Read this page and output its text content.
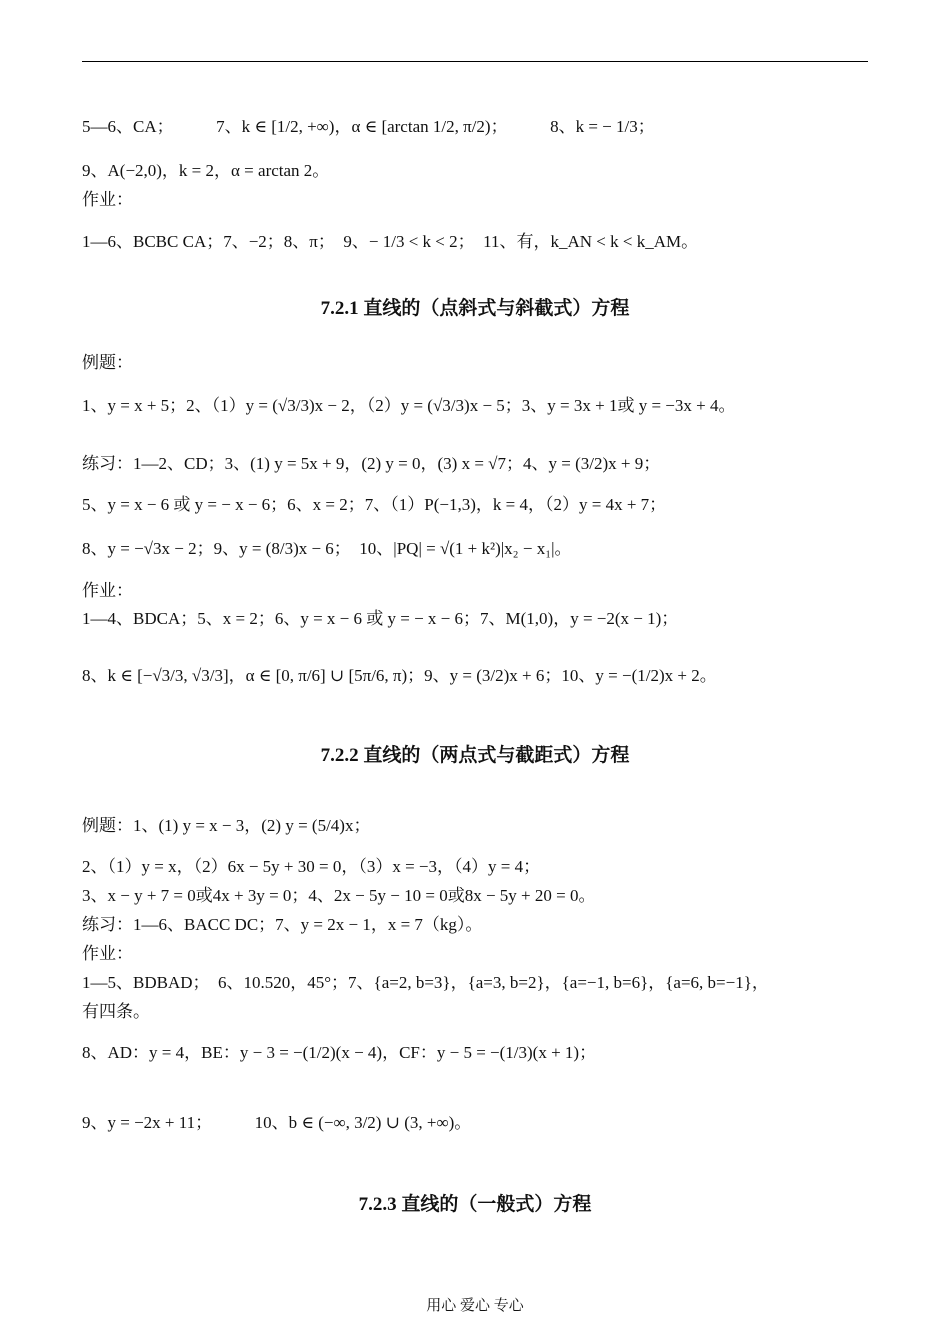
5—6、CA；　　　7、k ∈ [1/2, +∞)，α ∈ [arctan 1/2, π/2)；　　　8、k = − 1/3；
9、A(−2,0)，k = 2，α = arctan 2。
作业：
1—6、BCBC CA；7、−2；8、π；　9、− 1/3 < k < 2；　11、有，k_AN < k < k_AM。
7.2.1 直线的（点斜式与斜截式）方程
例题：
1、y = x + 5；2、（1）y = (√3/3)x − 2，（2）y = (√3/3)x − 5；3、y = 3x + 1或 y = −3x + 4。
练习：1—2、CD；3、(1) y = 5x + 9，(2) y = 0，(3) x = √7；4、y = (3/2)x + 9；
5、y = x − 6 或 y = − x − 6；6、x = 2；7、（1）P(−1,3)，k = 4，（2）y = 4x + 7；
8、y = −√3x − 2；9、y = (8/3)x − 6；　10、|PQ| = √(1 + k²)|x₂ − x₁|。
作业：
1—4、BDCA；5、x = 2；6、y = x − 6 或 y = − x − 6；7、M(1,0)，y = −2(x − 1)；
8、k ∈ [−√3/3, √3/3]，α ∈ [0, π/6] ∪ [5π/6, π)；9、y = (3/2)x + 6；10、y = −(1/2)x + 2。
7.2.2 直线的（两点式与截距式）方程
例题：1、(1) y = x − 3，(2) y = (5/4)x；
2、（1）y = x，（2）6x − 5y + 30 = 0，（3）x = −3，（4）y = 4；
3、x − y + 7 = 0或4x + 3y = 0；4、2x − 5y − 10 = 0或8x − 5y + 20 = 0。
练习：1—6、BACC DC；7、y = 2x − 1，x = 7（kg）。
作业：
1—5、BDBAD；　6、10.520，45°；7、{a=2, b=3}，{a=3, b=2}，{a=−1, b=6}，{a=6, b=−1}，
有四条。
8、AD：y = 4，BE：y − 3 = −(1/2)(x − 4)，CF：y − 5 = −(1/3)(x + 1)；
9、y = −2x + 11；　　　10、b ∈ (−∞, 3/2) ∪ (3, +∞)。
7.2.3 直线的（一般式）方程
用心 爱心 专心
